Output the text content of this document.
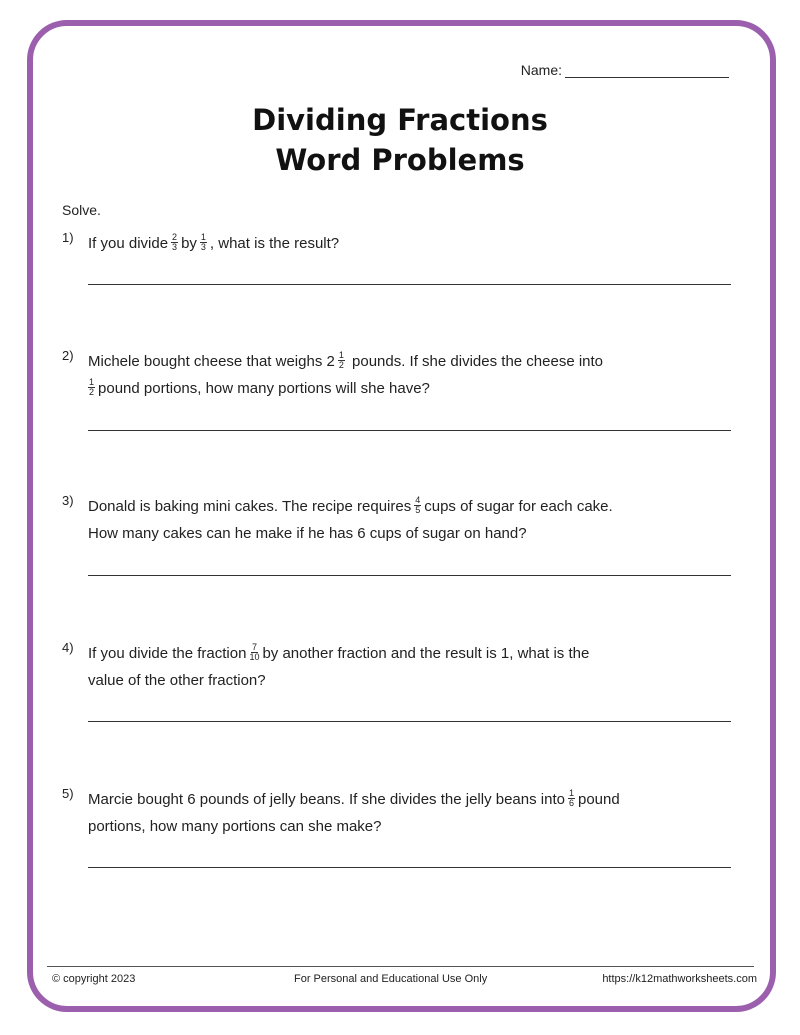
Name:
Dividing Fractions
Word Problems
Solve.
1) If you divide $\frac{2}{3}$ by $\frac{1}{3}$ , what is the result?
2) Michele bought cheese that weighs $2 \frac{1}{2}$ pounds. If she divides the cheese into
$\frac{1}{2}$ pound portions, how many portions will she have?
3) Donald is baking mini cakes. The recipe requires $\frac{4}{5}$ cups of sugar for each cake.
How many cakes can he make if he has 6 cups of sugar on hand?
4) If you divide the fraction $\frac{7}{10}$ by another fraction and the result is 1, what is the
value of the other fraction?
5) Marcie bought 6 pounds of jelly beans. If she divides the jelly beans into $\frac{1}{6}$ pound
portions, how many portions can she make?
© copyright 2023	For Personal and Educational Use Only	https://k12mathworksheets.com
